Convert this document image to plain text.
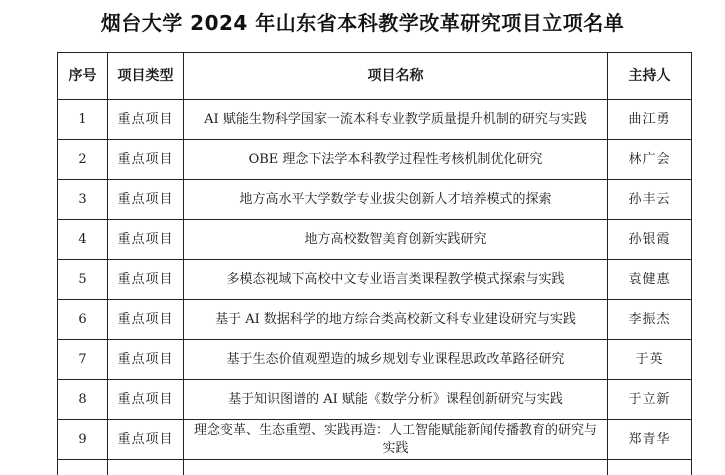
烟台大学 2024 年山东省本科教学改革研究项目立项名单
序号	项目类型	项目名称	主持人
1	重点项目	AI 赋能生物科学国家一流本科专业教学质量提升机制的研究与实践	曲江勇
2	重点项目	OBE 理念下法学本科教学过程性考核机制优化研究	林广会
3	重点项目	地方高水平大学数学专业拔尖创新人才培养模式的探索	孙丰云
4	重点项目	地方高校数智美育创新实践研究	孙银霞
5	重点项目	多模态视域下高校中文专业语言类课程教学模式探索与实践	袁健惠
6	重点项目	基于 AI 数据科学的地方综合类高校新文科专业建设研究与实践	李振杰
7	重点项目	基于生态价值观塑造的城乡规划专业课程思政改革路径研究	于英
8	重点项目	基于知识图谱的 AI 赋能《数学分析》课程创新研究与实践	于立新
9	重点项目	理念变革、生态重塑、实践再造：人工智能赋能新闻传播教育的研究与实践	郑青华
